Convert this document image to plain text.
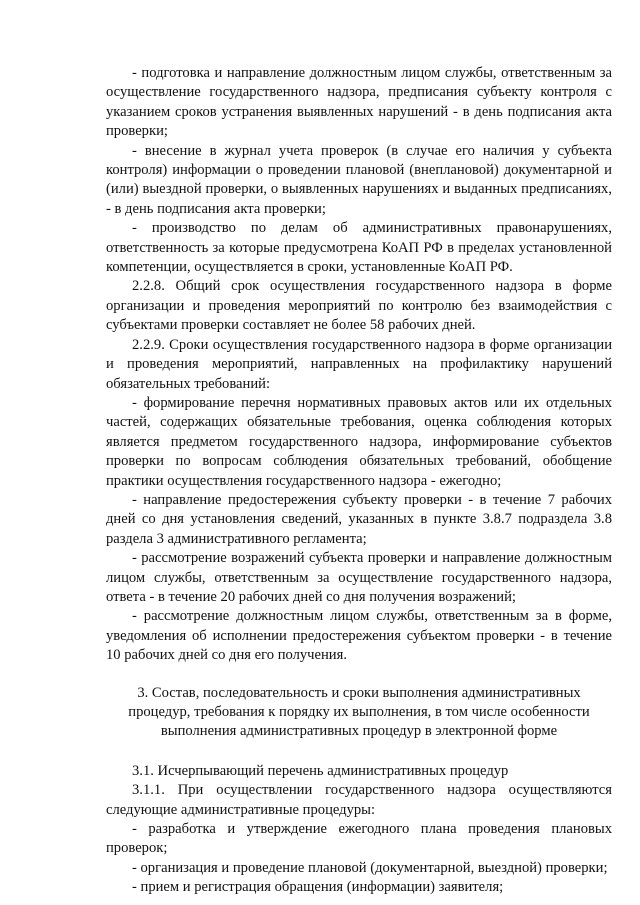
- подготовка и направление должностным лицом службы, ответственным за осуществление государственного надзора, предписания субъекту контроля с указанием сроков устранения выявленных нарушений - в день подписания акта проверки;

- внесение в журнал учета проверок (в случае его наличия у субъекта контроля) информации о проведении плановой (внеплановой) документарной и (или) выездной проверки, о выявленных нарушениях и выданных предписаниях, - в день подписания акта проверки;

- производство по делам об административных правонарушениях, ответственность за которые предусмотрена КоАП РФ в пределах установленной компетенции, осуществляется в сроки, установленные КоАП РФ.

2.2.8. Общий срок осуществления государственного надзора в форме организации и проведения мероприятий по контролю без взаимодействия с субъектами проверки составляет не более 58 рабочих дней.

2.2.9. Сроки осуществления государственного надзора в форме организации и проведения мероприятий, направленных на профилактику нарушений обязательных требований:

- формирование перечня нормативных правовых актов или их отдельных частей, содержащих обязательные требования, оценка соблюдения которых является предметом государственного надзора, информирование субъектов проверки по вопросам соблюдения обязательных требований, обобщение практики осуществления государственного надзора - ежегодно;

- направление предостережения субъекту проверки - в течение 7 рабочих дней со дня установления сведений, указанных в пункте 3.8.7 подраздела 3.8 раздела 3 административного регламента;

- рассмотрение возражений субъекта проверки и направление должностным лицом службы, ответственным за осуществление государственного надзора, ответа - в течение 20 рабочих дней со дня получения возражений;

- рассмотрение должностным лицом службы, ответственным за в форме, уведомления об исполнении предостережения субъектом проверки - в течение 10 рабочих дней со дня его получения.

3. Состав, последовательность и сроки выполнения административных процедур, требования к порядку их выполнения, в том числе особенности выполнения административных процедур в электронной форме

3.1. Исчерпывающий перечень административных процедур

3.1.1. При осуществлении государственного надзора осуществляются следующие административные процедуры:

- разработка и утверждение ежегодного плана проведения плановых проверок;

- организация и проведение плановой (документарной, выездной) проверки;

- прием и регистрация обращения (информации) заявителя;
